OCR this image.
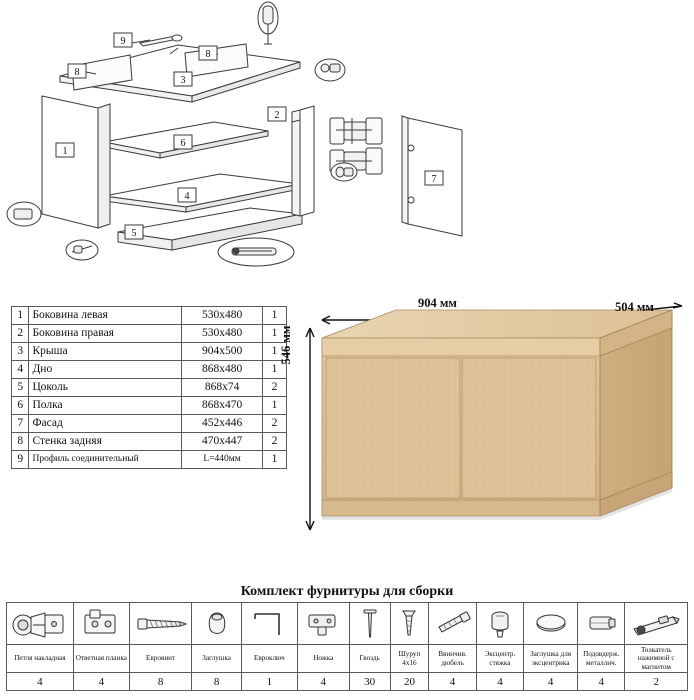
9
8
8
3
1
2
6
4
5
7
1	Боковина левая	530х480	1
2	Боковина правая	530х480	1
3	Крыша	904х500	1
4	Дно	868х480	1
5	Цоколь	868х74	2
6	Полка	868х470	1
7	Фасад	452х446	2
8	Стенка задняя	470х447	2
9	Профиль соединительный	L=440мм	1
904 мм	504 мм
546 мм
Комплект фурнитуры для сборки

Петля накладная	Ответная планка	Евровинт	Заглушка	Евроключ	Ножка	Гвоздь	Шуруп 4х16	Ввинчив. дюбель	Эксцентр. стяжка	Заглушка для эксцентрика	Подовдерж. металлич.	Толкатель нажимной с магнитом
4	4	8	8	1	4	30	20	4	4	4	4	2
